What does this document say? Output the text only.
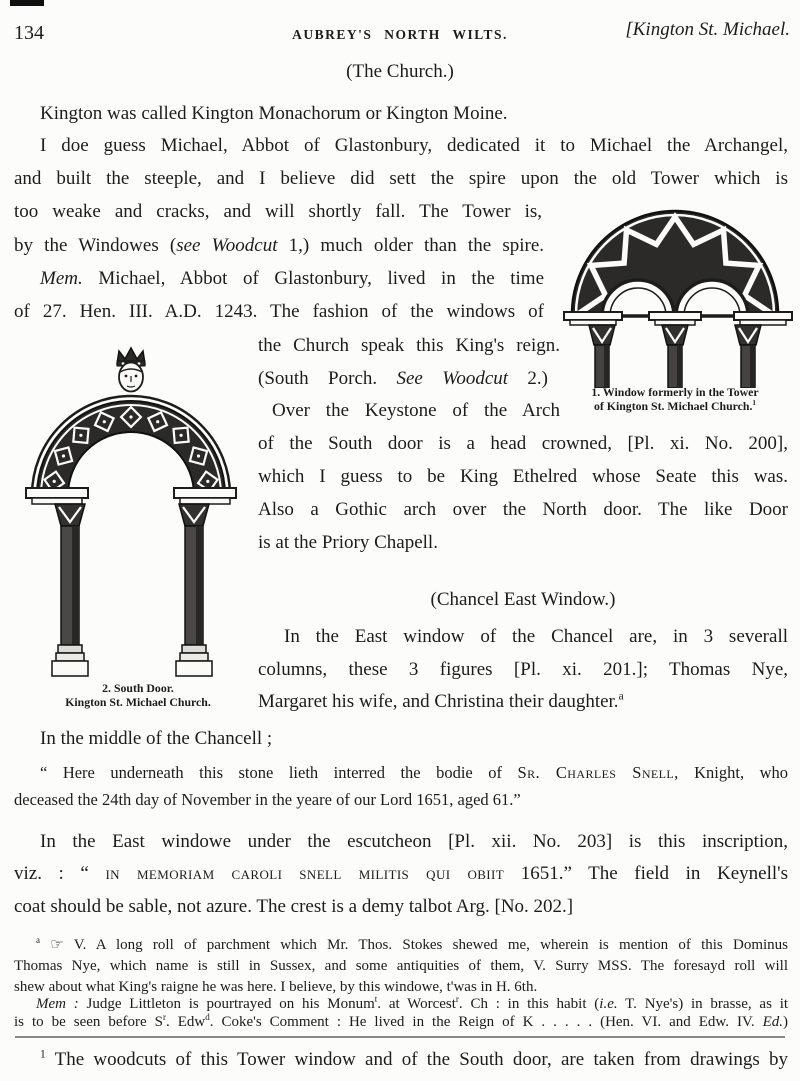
134	AUBREY'S NORTH WILTS.	[Kington St. Michael.
(The Church.)
Kington was called Kington Monachorum or Kington Moine.
I doe guess Michael, Abbot of Glastonbury, dedicated it to Michael the Archangel,
and built the steeple, and I believe did sett the spire upon the old Tower which is
too weake and cracks, and will shortly fall. The Tower is,
by the Windowes (see Woodcut 1,) much older than the spire.
Mem. Michael, Abbot of Glastonbury, lived in the time
of 27. Hen. III. A.D. 1243. The fashion of the windows of
the Church speak this King's reign.
(South Porch. See Woodcut 2.)
Over the Keystone of the Arch
of the South door is a head crowned, [Pl. xi. No. 200],
which I guess to be King Ethelred whose Seate this was.
Also a Gothic arch over the North door. The like Door
is at the Priory Chapell.
(Chancel East Window.)
In the East window of the Chancel are, in 3 severall
columns, these 3 figures [Pl. xi. 201.]; Thomas Nye,
Margaret his wife, and Christina their daughter.$^a$
In the middle of the Chancell ;
“ Here underneath this stone lieth interred the bodie of Sr. Charles Snell, Knight, who
deceased the 24th day of November in the yeare of our Lord 1651, aged 61.”
In the East windowe under the escutcheon [Pl. xii. No. 203] is this inscription,
viz. : “ in memoriam caroli snell militis qui obiit 1651.” The field in Keynell's
coat should be sable, not azure. The crest is a demy talbot Arg. [No. 202.]
$^a$ ☞ V. A long roll of parchment which Mr. Thos. Stokes shewed me, wherein is mention of this Dominus
Thomas Nye, which name is still in Sussex, and some antiquities of them, V. Surry MSS. The foresayd roll will
shew about what King's raigne he was here. I believe, by this windowe, t'was in H. 6th.
Mem : Judge Littleton is pourtrayed on his Monum$^t$. at Worcest$^r$. Ch : in this habit (i.e. T. Nye's) in brasse, as it
is to be seen before $S^r$. Edw$^d$. Coke's Comment : He lived in the Reign of K . . . . . (Hen. VI. and Edw. IV. Ed.)
$^1$ The woodcuts of this Tower window and of the South door, are taken from drawings by
1. Window formerly in the Tower
of Kington St. Michael Church.$^1$
2. South Door.
Kington St. Michael Church.
